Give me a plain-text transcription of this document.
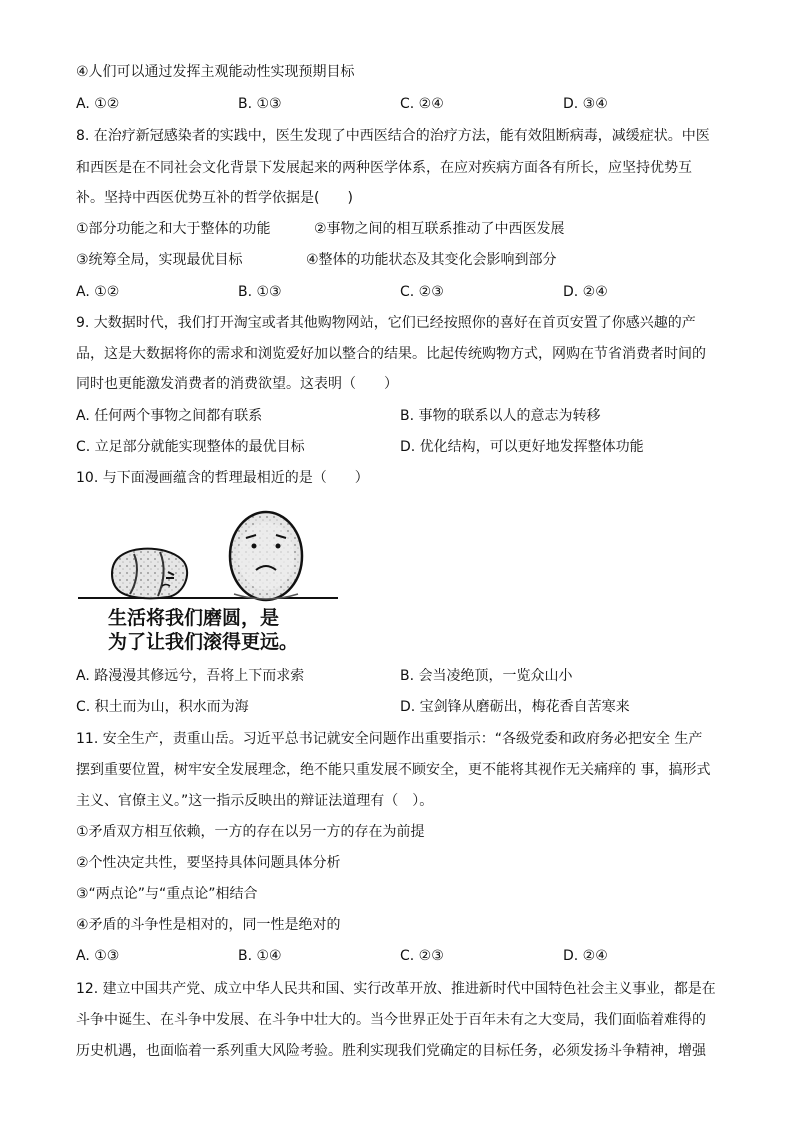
④人们可以通过发挥主观能动性实现预期目标
A. ①②	B. ①③	C. ②④	D. ③④
8. 在治疗新冠感染者的实践中，医生发现了中西医结合的治疗方法，能有效阻断病毒，减缓症状。中医
和西医是在不同社会文化背景下发展起来的两种医学体系，在应对疾病方面各有所长，应坚持优势互
补。坚持中西医优势互补的哲学依据是(　　)
①部分功能之和大于整体的功能	②事物之间的相互联系推动了中西医发展
③统筹全局，实现最优目标	④整体的功能状态及其变化会影响到部分
A. ①②	B. ①③	C. ②③	D. ②④
9. 大数据时代，我们打开淘宝或者其他购物网站，它们已经按照你的喜好在首页安置了你感兴趣的产
品，这是大数据将你的需求和浏览爱好加以整合的结果。比起传统购物方式，网购在节省消费者时间的
同时也更能激发消费者的消费欲望。这表明（　　）
A. 任何两个事物之间都有联系	B. 事物的联系以人的意志为转移
C. 立足部分就能实现整体的最优目标	D. 优化结构，可以更好地发挥整体功能
10. 与下面漫画蕴含的哲理最相近的是（　　）
生活将我们磨圆，是
为了让我们滚得更远。
A. 路漫漫其修远兮，吾将上下而求索	B. 会当凌绝顶，一览众山小
C. 积土而为山，积水而为海	D. 宝剑锋从磨砺出，梅花香自苦寒来
11. 安全生产，责重山岳。习近平总书记就安全问题作出重要指示：“各级党委和政府务必把安全 生产
摆到重要位置，树牢安全发展理念，绝不能只重发展不顾安全，更不能将其视作无关痛痒的 事，搞形式
主义、官僚主义。”这一指示反映出的辩证法道理有（　）。
①矛盾双方相互依赖，一方的存在以另一方的存在为前提
②个性决定共性，要坚持具体问题具体分析
③“两点论”与“重点论”相结合
④矛盾的斗争性是相对的，同一性是绝对的
A. ①③	B. ①④	C. ②③	D. ②④
12. 建立中国共产党、成立中华人民共和国、实行改革开放、推进新时代中国特色社会主义事业，都是在
斗争中诞生、在斗争中发展、在斗争中壮大的。当今世界正处于百年未有之大变局，我们面临着难得的
历史机遇，也面临着一系列重大风险考验。胜利实现我们党确定的目标任务，必须发扬斗争精神，增强
